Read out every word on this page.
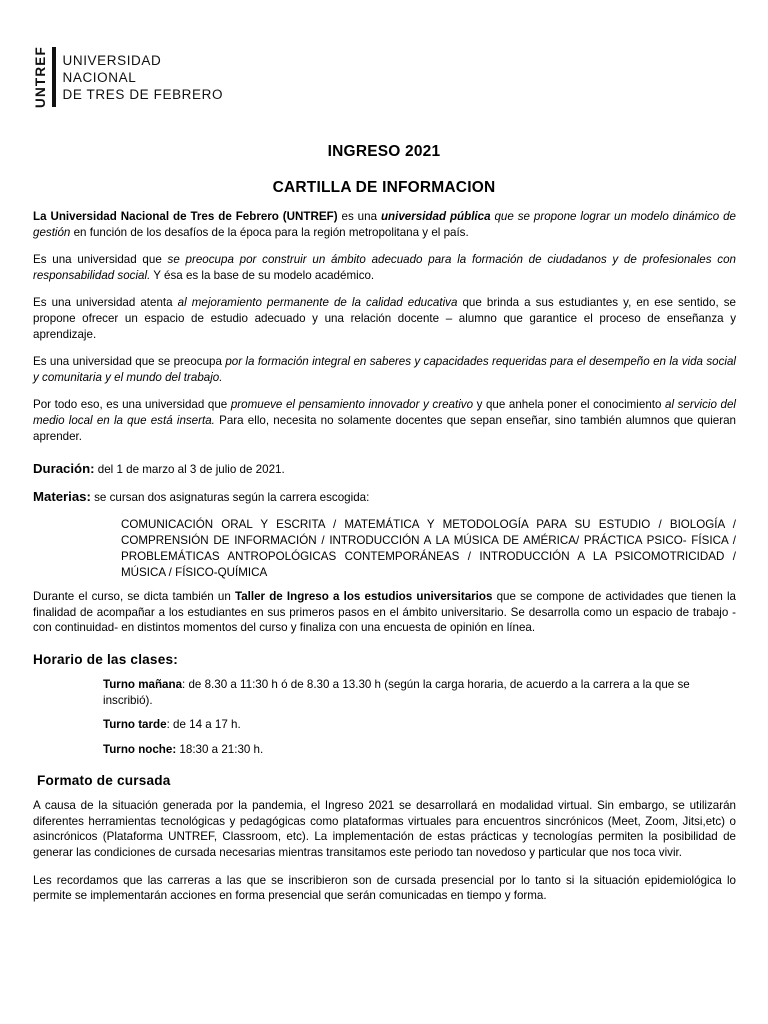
UNTREF UNIVERSIDAD
NACIONAL
DE TRES DE FEBRERO
INGRESO 2021
CARTILLA DE INFORMACION

La Universidad Nacional de Tres de Febrero (UNTREF) es una universidad pública que se propone lograr un modelo dinámico de gestión en función de los desafíos de la época para la región metropolitana y el país.

Es una universidad que se preocupa por construir un ámbito adecuado para la formación de ciudadanos y de profesionales con responsabilidad social. Y ésa es la base de su modelo académico.

Es una universidad atenta al mejoramiento permanente de la calidad educativa que brinda a sus estudiantes y, en ese sentido, se propone ofrecer un espacio de estudio adecuado y una relación docente – alumno que garantice el proceso de enseñanza y aprendizaje.

Es una universidad que se preocupa por la formación integral en saberes y capacidades requeridas para el desempeño en la vida social y comunitaria y el mundo del trabajo.

Por todo eso, es una universidad que promueve el pensamiento innovador y creativo y que anhela poner el conocimiento al servicio del medio local en la que está inserta. Para ello, necesita no solamente docentes que sepan enseñar, sino también alumnos que quieran aprender.

Duración: del 1 de marzo al 3 de julio de 2021.

Materias: se cursan dos asignaturas según la carrera escogida:

COMUNICACIÓN ORAL Y ESCRITA / MATEMÁTICA Y METODOLOGÍA PARA SU ESTUDIO / BIOLOGÍA / COMPRENSIÓN DE INFORMACIÓN / INTRODUCCIÓN A LA MÚSICA DE AMÉRICA/ PRÁCTICA PSICO- FÍSICA / PROBLEMÁTICAS ANTROPOLÓGICAS CONTEMPORÁNEAS / INTRODUCCIÓN A LA PSICOMOTRICIDAD / MÚSICA / FÍSICO-QUÍMICA

Durante el curso, se dicta también un Taller de Ingreso a los estudios universitarios que se compone de actividades que tienen la finalidad de acompañar a los estudiantes en sus primeros pasos en el ámbito universitario. Se desarrolla como un espacio de trabajo -con continuidad- en distintos momentos del curso y finaliza con una encuesta de opinión en línea.

Horario de las clases:

Turno mañana: de 8.30 a 11:30 h ó de 8.30 a 13.30 h (según la carga horaria, de acuerdo a la carrera a la que se inscribió).

Turno tarde: de 14 a 17 h.

Turno noche: 18:30 a 21:30 h.

Formato de cursada

A causa de la situación generada por la pandemia, el Ingreso 2021 se desarrollará en modalidad virtual. Sin embargo, se utilizarán diferentes herramientas tecnológicas y pedagógicas como plataformas virtuales para encuentros sincrónicos (Meet, Zoom, Jitsi,etc) o asincrónicos (Plataforma UNTREF, Classroom, etc). La implementación de estas prácticas y tecnologías permiten la posibilidad de generar las condiciones de cursada necesarias mientras transitamos este periodo tan novedoso y particular que nos toca vivir.

Les recordamos que las carreras a las que se inscribieron son de cursada presencial por lo tanto si la situación epidemiológica lo permite se implementarán acciones en forma presencial que serán comunicadas en tiempo y forma.
